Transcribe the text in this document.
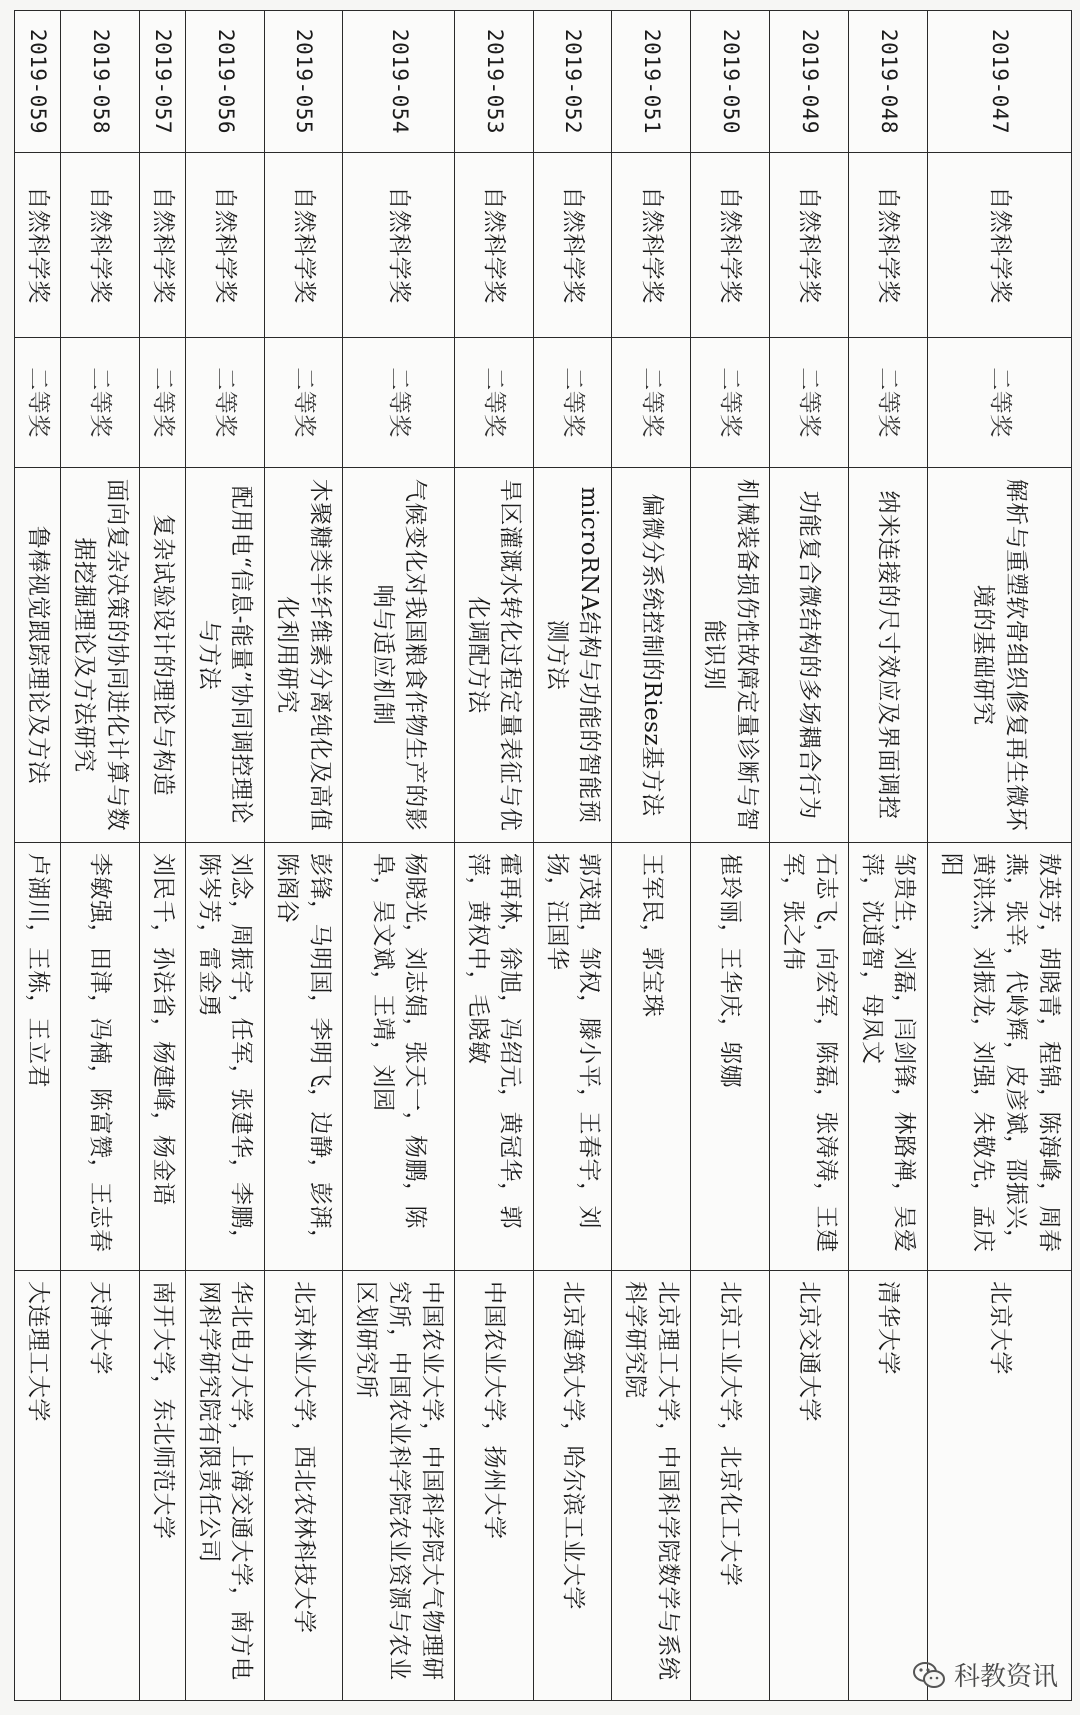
2019-047	自然科学奖	二等奖	解析与重塑软骨组织修复再生微环境的基础研究	敖英芳，胡晓青，程锦，陈海峰，周春燕，张辛，代岭辉，皮彦斌，邵振兴，黄洪杰，刘振龙，刘强，朱敬先，孟庆阳	北京大学
2019-048	自然科学奖	二等奖	纳米连接的尺寸效应及界面调控	邹贵生，刘磊，闫剑锋，林路禅，吴爱萍，沈道智，母凤文	清华大学
2019-049	自然科学奖	二等奖	功能复合微结构的多场耦合行为	石志飞，向宏军，陈磊，张涛涛，王建军，张之伟	北京交通大学
2019-050	自然科学奖	二等奖	机械装备损伤性故障定量诊断与智能识别	崔玲丽，王华庆，邬娜	北京工业大学，北京化工大学
2019-051	自然科学奖	二等奖	偏微分系统控制的Riesz基方法	王军民，郭宝珠	北京理工大学，中国科学院数学与系统科学研究院
2019-052	自然科学奖	二等奖	microRNA结构与功能的智能预测方法	郭茂祖，邹权，滕小平，王春宇，刘扬，汪国华	北京建筑大学，哈尔滨工业大学
2019-053	自然科学奖	二等奖	旱区灌溉水转化过程定量表征与优化调配方法	霍再林，徐旭，冯绍元，黄冠华，郭萍，黄权中，毛晓敏	中国农业大学，扬州大学
2019-054	自然科学奖	二等奖	气候变化对我国粮食作物生产的影响与适应机制	杨晓光，刘志娟，张天一，杨鹏，陈阜，吴文斌，王靖，刘园	中国农业大学，中国科学院大气物理研究所，中国农业科学院农业资源与农业区划研究所
2019-055	自然科学奖	二等奖	木聚糖类半纤维素分离纯化及高值化利用研究	彭锋，马明国，李明飞，边静，彭湃，陈阁谷	北京林业大学，西北农林科技大学
2019-056	自然科学奖	二等奖	配用电“信息-能量”协同调控理论与方法	刘念，周振宇，任军，张建华，李鹏，陈岑芳，雷金勇	华北电力大学，上海交通大学，南方电网科学研究院有限责任公司
2019-057	自然科学奖	二等奖	复杂试验设计的理论与构造	刘民千，孙法省，杨建峰，杨金语	南开大学，东北师范大学
2019-058	自然科学奖	二等奖	面向复杂决策的协同进化计算与数据挖掘理论及方法研究	李敏强，田津，冯楠，陈富赞，王志春	天津大学
2019-059	自然科学奖	二等奖	鲁棒视觉跟踪理论及方法	卢湖川，王栋，王立君	大连理工大学
科教资讯
